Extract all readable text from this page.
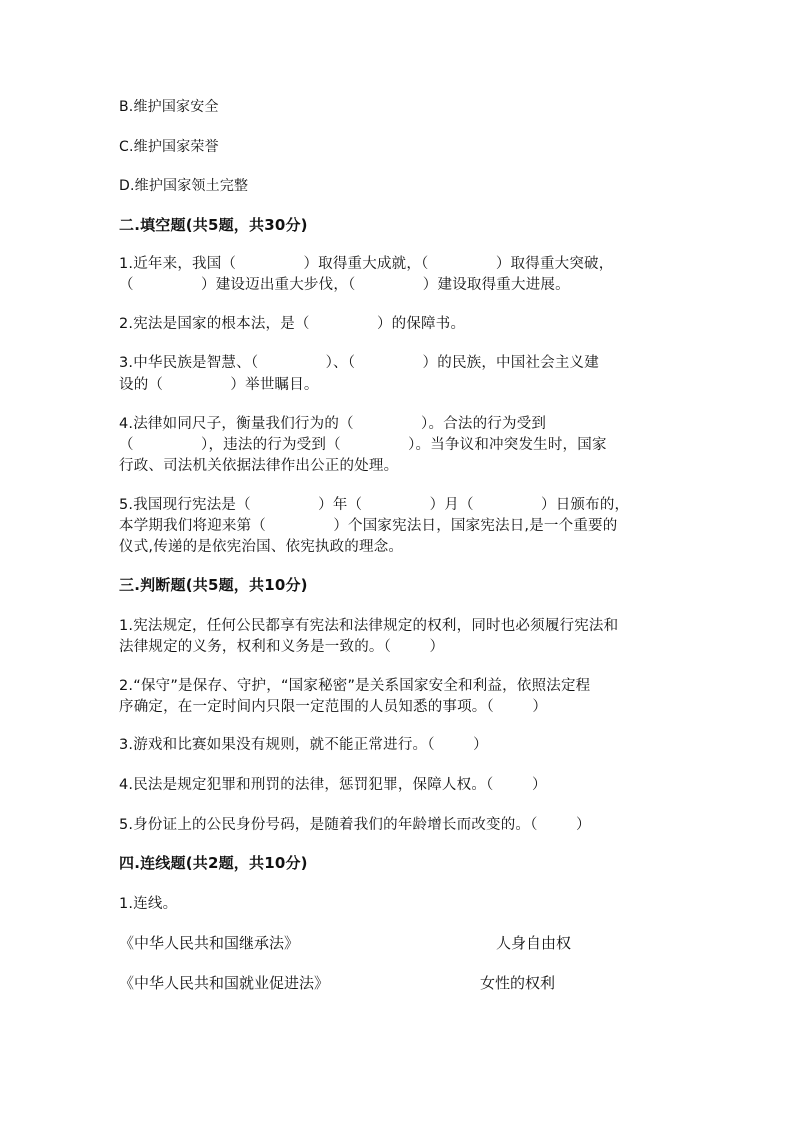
B.维护国家安全
C.维护国家荣誉
D.维护国家领土完整
二.填空题(共5题，共30分)
1.近年来，我国（              ）取得重大成就，（              ）取得重大突破，
（              ）建设迈出重大步伐，（              ）建设取得重大进展。
2.宪法是国家的根本法，是（              ）的保障书。
3.中华民族是智慧、（              ）、（              ）的民族，中国社会主义建
设的（              ）举世瞩目。
4.法律如同尺子，衡量我们行为的（              ）。合法的行为受到
（              ），违法的行为受到（              ）。当争议和冲突发生时，国家
行政、司法机关依据法律作出公正的处理。
5.我国现行宪法是（              ）年（              ）月（              ）日颁布的，
本学期我们将迎来第（              ）个国家宪法日，国家宪法日,是一个重要的
仪式,传递的是依宪治国、依宪执政的理念。
三.判断题(共5题，共10分)
1.宪法规定，任何公民都享有宪法和法律规定的权利，同时也必须履行宪法和
法律规定的义务，权利和义务是一致的。（        ）
2.“保守”是保存、守护，“国家秘密”是关系国家安全和利益，依照法定程
序确定，在一定时间内只限一定范围的人员知悉的事项。（        ）
3.游戏和比赛如果没有规则，就不能正常进行。（        ）
4.民法是规定犯罪和刑罚的法律，惩罚犯罪，保障人权。（        ）
5.身份证上的公民身份号码，是随着我们的年龄增长而改变的。（        ）
四.连线题(共2题，共10分)
1.连线。
《中华人民共和国继承法》	人身自由权
《中华人民共和国就业促进法》	女性的权利
